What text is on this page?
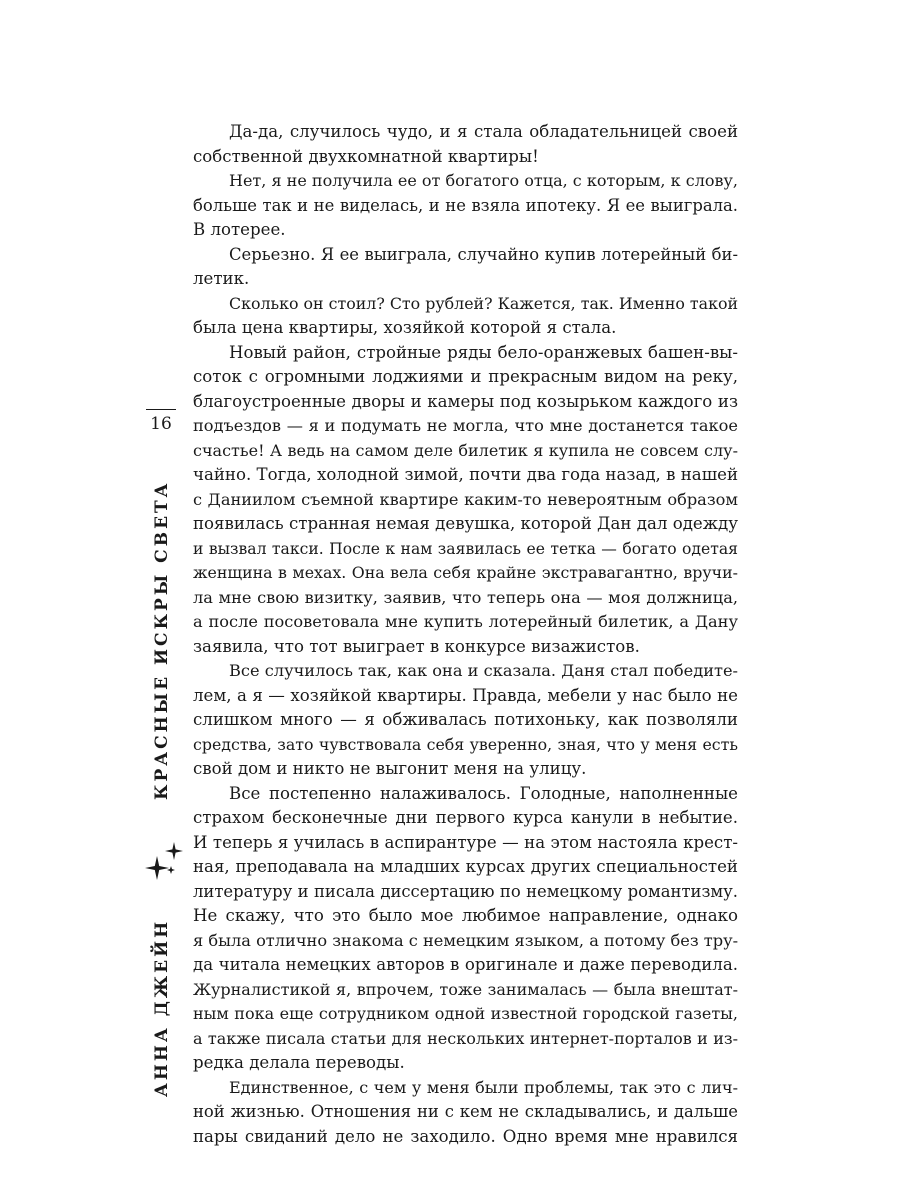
16
КРАСНЫЕ ИСКРЫ СВЕТА
АННА ДЖЕЙН
Да-да, случилось чудо, и я стала обладательницей своей
собственной двухкомнатной квартиры!
Нет, я не получила ее от богатого отца, с которым, к слову,
больше так и не виделась, и не взяла ипотеку. Я ее выиграла.
В лотерее.
Серьезно. Я ее выиграла, случайно купив лотерейный би-
летик.
Сколько он стоил? Сто рублей? Кажется, так. Именно такой
была цена квартиры, хозяйкой которой я стала.
Новый район, стройные ряды бело-оранжевых башен-вы-
соток с огромными лоджиями и прекрасным видом на реку,
благоустроенные дворы и камеры под козырьком каждого из
подъездов — я и подумать не могла, что мне достанется такое
счастье! А ведь на самом деле билетик я купила не совсем слу-
чайно. Тогда, холодной зимой, почти два года назад, в нашей
с Даниилом съемной квартире каким-то невероятным образом
появилась странная немая девушка, которой Дан дал одежду
и вызвал такси. После к нам заявилась ее тетка — богато одетая
женщина в мехах. Она вела себя крайне экстравагантно, вручи-
ла мне свою визитку, заявив, что теперь она — моя должница,
а после посоветовала мне купить лотерейный билетик, а Дану
заявила, что тот выиграет в конкурсе визажистов.
Все случилось так, как она и сказала. Даня стал победите-
лем, а я — хозяйкой квартиры. Правда, мебели у нас было не
слишком много — я обживалась потихоньку, как позволяли
средства, зато чувствовала себя уверенно, зная, что у меня есть
свой дом и никто не выгонит меня на улицу.
Все постепенно налаживалось. Голодные, наполненные
страхом бесконечные дни первого курса канули в небытие.
И теперь я училась в аспирантуре — на этом настояла крест-
ная, преподавала на младших курсах других специальностей
литературу и писала диссертацию по немецкому романтизму.
Не скажу, что это было мое любимое направление, однако
я была отлично знакома с немецким языком, а потому без тру-
да читала немецких авторов в оригинале и даже переводила.
Журналистикой я, впрочем, тоже занималась — была внештат-
ным пока еще сотрудником одной известной городской газеты,
а также писала статьи для нескольких интернет-порталов и из-
редка делала переводы.
Единственное, с чем у меня были проблемы, так это с лич-
ной жизнью. Отношения ни с кем не складывались, и дальше
пары свиданий дело не заходило. Одно время мне нравился
